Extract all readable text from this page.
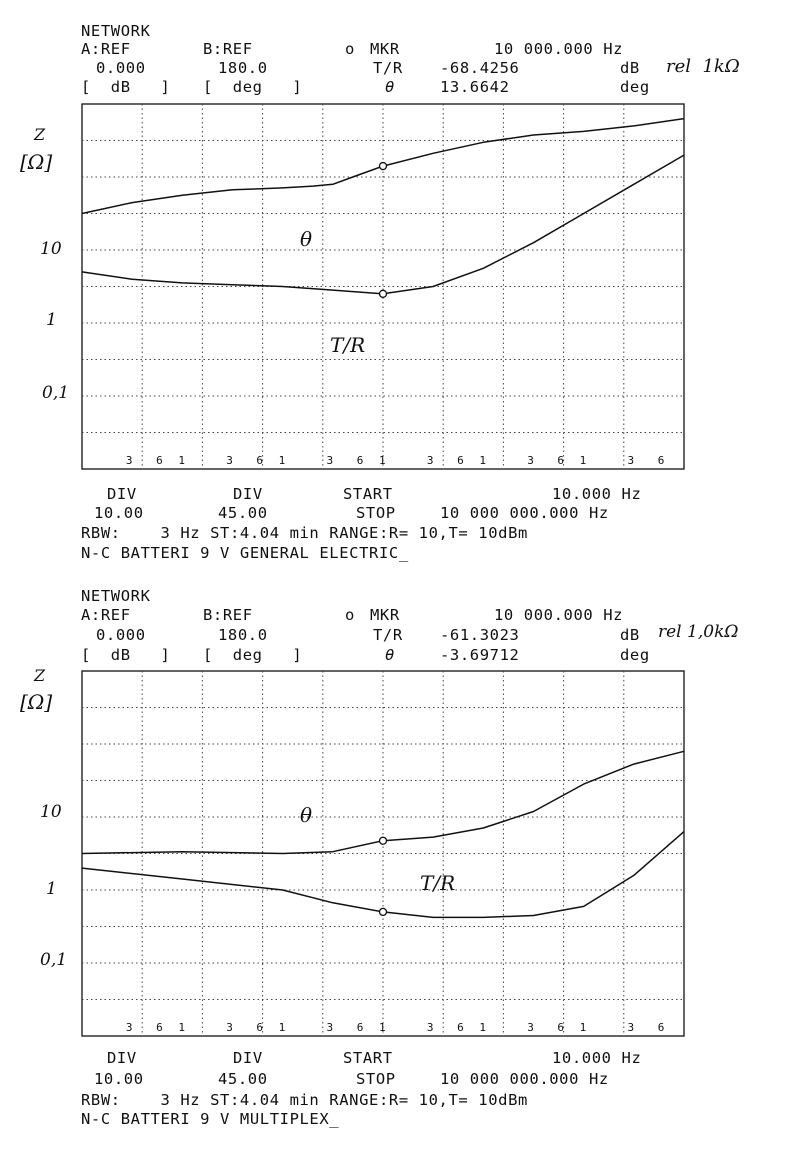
NETWORK
A:REF	B:REF	o MKR	10 000.000 Hz
0.000	180.0	T/R -68.4256	dB rel  1kΩ
[  dB   ] [  deg   ]	θ	13.6642	deg
Z
[Ω]
10
1
0,1
3 6 1	3 6 1	3 6 1	3 6 1	3 6 1	3 6
θ
T/R
DIV	DIV	START	10.000 Hz
10.00	45.00	STOP	10 000 000.000 Hz
RBW:    3 Hz ST:4.04 min RANGE:R= 10,T= 10dBm
N-C BATTERI 9 V GENERAL ELECTRIC_
NETWORK
A:REF	B:REF	o MKR	10 000.000 Hz
0.000	180.0	T/R -61.3023	dB rel 1,0kΩ
[  dB   ] [  deg   ]	θ	-3.69712	deg
Z
[Ω]
10
1
0,1
3 6 1	3 6 1	3 6 1	3 6 1	3 6 1	3 6
θ
T/R
DIV	DIV	START	10.000 Hz
10.00	45.00	STOP	10 000 000.000 Hz
RBW:    3 Hz ST:4.04 min RANGE:R= 10,T= 10dBm
N-C BATTERI 9 V MULTIPLEX_
